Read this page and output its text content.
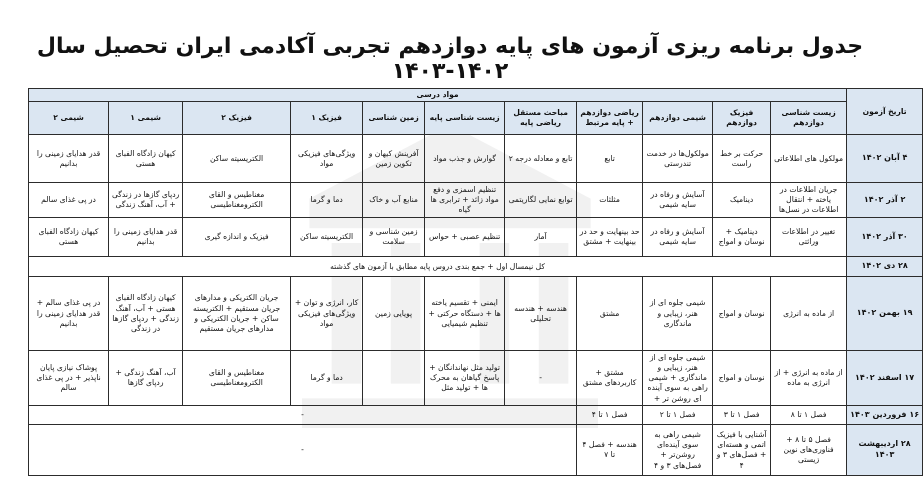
جدول برنامه ریزی آزمون های پایه دوازدهم تجربی آکادمی ایران تحصیل سال ۱۴۰۲-۱۴۰۳
تاریخ آزمون	مواد درسی										
	زیست شناسی دوازدهم	فیزیک دوازدهم	شیمی دوازدهم	ریاضی دوازدهم + پایه مرتبط	مباحث مستقل ریاضی پایه	زیست شناسی پایه	زمین شناسی	فیزیک ۱	فیزیک ۲	شیمی ۱	شیمی ۲
۴ آبان ۱۴۰۲	مولکول های اطلاعاتی	حرکت بر خط راست	مولکول‌ها در خدمت تندرستی	تابع	تابع و معادله درجه ۲	گوارش و جذب مواد	آفرینش کیهان و تکوین زمین	ویژگی‌های فیزیکی مواد	الکتریسیته ساکن	کیهان زادگاه الفبای هستی	قدر هدایای زمینی را بدانیم
۲ آذر ۱۴۰۲	جریان اطلاعات در یاخته + انتقال اطلاعات در نسل‌ها	دینامیک	آسایش و رفاه در سایه شیمی	مثلثات	توابع نمایی لگاریتمی	تنظیم اسمزی و دفع مواد زائد + ترابری ها گیاه	منابع آب و خاک	دما و گرما	مغناطیس و القای الکترومغناطیسی	ردپای گازها در زندگی + آب، آهنگ زندگی	در پی غذای سالم
۳۰ آذر ۱۴۰۲	تغییر در اطلاعات وراثتی	دینامیک + نوسان و امواج	آسایش و رفاه در سایه شیمی	حد بینهایت و حد در بینهایت + مشتق	آمار	تنظیم عصبی + حواس	زمین شناسی و سلامت	الکتریسیته ساکن	فیزیک و اندازه گیری	قدر هدایای زمینی را بدانیم	کیهان زادگاه الفبای هستی
۲۸ دی ۱۴۰۲	کل نیمسال اول + جمع بندی دروس پایه مطابق با آزمون های گذشته										
۱۹ بهمن ۱۴۰۲	از ماده به انرژی	نوسان و امواج	شیمی جلوه ای از هنر، زیبایی و ماندگاری	مشتق	هندسه + هندسه تحلیلی	ایمنی + تقسیم یاخته ها + دستگاه حرکتی + تنظیم شیمیایی	پویایی زمین	کار، انرژی و توان + ویژگی‌های فیزیکی مواد	جریان الکتریکی و مدارهای جریان مستقیم + الکتریسته ساکن + جریان الکتریکی و مدارهای جریان مستقیم	کیهان زادگاه الفبای هستی + آب، آهنگ زندگی + ردپای گازها در زندگی	در پی غذای سالم + قدر هدایای زمینی را بدانیم
۱۷ اسفند ۱۴۰۲	از ماده به انرژی + از انرژی به ماده	نوسان و امواج	شیمی جلوه ای از هنر، زیبایی و ماندگاری + شیمی راهی به سوی آینده ای روشن تر +	مشتق + کاربردهای مشتق	-	تولید مثل نهاندانگان + پاسخ گیاهان به محرک ها + تولید مثل		دما و گرما	مغناطیس و القای الکترومغناطیسی	آب، آهنگ زندگی + ردپای گازها	پوشاک نیازی پایان ناپذیر + در پی غذای سالم
۱۶ فروردین ۱۴۰۳	فصل ۱ تا ۸	فصل ۱ تا ۳	فصل ۱ تا ۲	فصل ۱ تا ۴	-						
۲۸ اردیبهشت ۱۴۰۳	فصل ۵ تا ۸ + فناوری‌های نوین زیستی	آشنایی با فیزیک اتمی و هسته‌ای + فصل‌های ۳ و ۴	شیمی راهی به سوی آینده‌ای روشن‌تر + فصل‌های ۳ و ۴	هندسه + فصل ۴ تا ۷	-						
